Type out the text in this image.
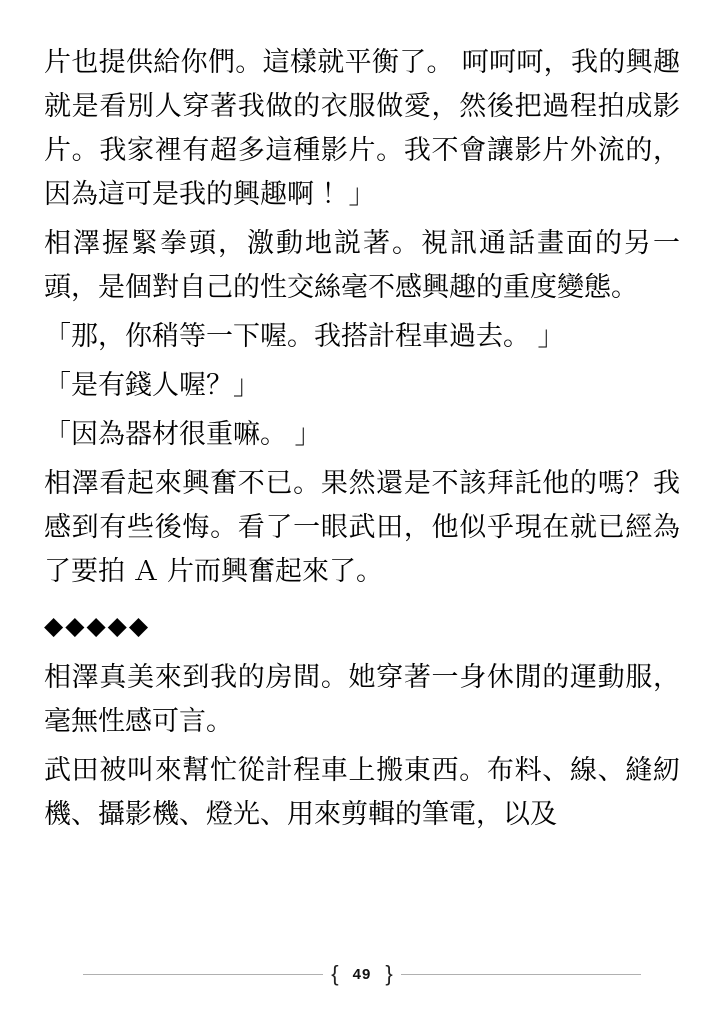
片也提供給你們。這樣就平衡了。 呵呵呵，我的興趣就是看別人穿著我做的衣服做愛，然後把過程拍成影片。我家裡有超多這種影片。我不會讓影片外流的，因為這可是我的興趣啊 ！」

相澤握緊拳頭，激動地説著。視訊通話畫面的另一頭，是個對自己的性交絲毫不感興趣的重度變態。

「那，你稍等一下喔。我搭計程車過去。 」

「是有錢人喔？」

「因為器材很重嘛。 」

相澤看起來興奮不已。果然還是不該拜託他的嗎？我感到有些後悔。看了一眼武田，他似乎現在就已經為了要拍 Ａ 片而興奮起來了。

◆◆◆◆◆

相澤真美來到我的房間。她穿著一身休閒的運動服，毫無性感可言。

武田被叫來幫忙從計程車上搬東西。布料、線、縫紉機、攝影機、燈光、用來剪輯的筆電，以及

{ 49 }
